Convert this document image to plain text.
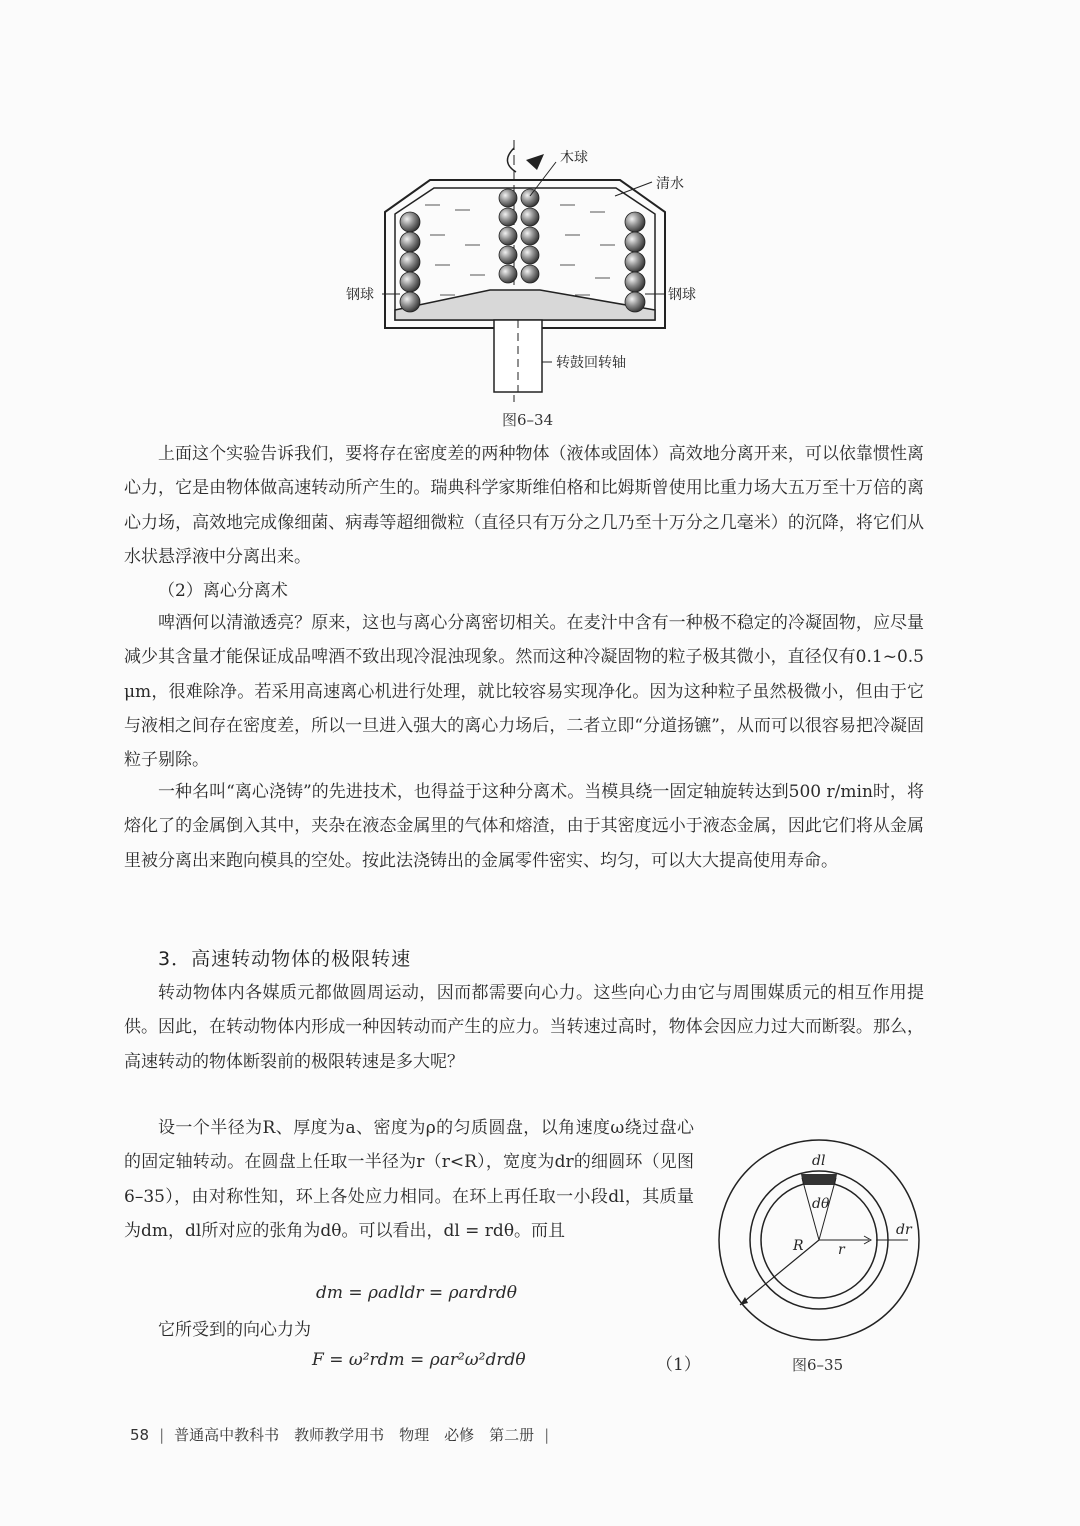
木球
清水
钢球	钢球
转鼓回转轴
图6–34

上面这个实验告诉我们，要将存在密度差的两种物体（液体或固体）高效地分离开来，可以依靠惯性离心力，它是由物体做高速转动所产生的。瑞典科学家斯维伯格和比姆斯曾使用比重力场大五万至十万倍的离心力场，高效地完成像细菌、病毒等超细微粒（直径只有万分之几乃至十万分之几毫米）的沉降，将它们从水状悬浮液中分离出来。

（2）离心分离术

啤酒何以清澈透亮？原来，这也与离心分离密切相关。在麦汁中含有一种极不稳定的冷凝固物，应尽量减少其含量才能保证成品啤酒不致出现冷混浊现象。然而这种冷凝固物的粒子极其微小，直径仅有0.1~0.5 μm，很难除净。若采用高速离心机进行处理，就比较容易实现净化。因为这种粒子虽然极微小，但由于它与液相之间存在密度差，所以一旦进入强大的离心力场后，二者立即“分道扬镳”，从而可以很容易把冷凝固粒子剔除。

一种名叫“离心浇铸”的先进技术，也得益于这种分离术。当模具绕一固定轴旋转达到500 r/min时，将熔化了的金属倒入其中，夹杂在液态金属里的气体和熔渣，由于其密度远小于液态金属，因此它们将从金属里被分离出来跑向模具的空处。按此法浇铸出的金属零件密实、均匀，可以大大提高使用寿命。

3．高速转动物体的极限转速

转动物体内各媒质元都做圆周运动，因而都需要向心力。这些向心力由它与周围媒质元的相互作用提供。因此，在转动物体内形成一种因转动而产生的应力。当转速过高时，物体会因应力过大而断裂。那么，高速转动的物体断裂前的极限转速是多大呢？

设一个半径为R、厚度为a、密度为ρ的匀质圆盘，以角速度ω绕过盘心的固定轴转动。在圆盘上任取一半径为r（r<R），宽度为dr的细圆环（见图6–35），由对称性知，环上各处应力相同。在环上再任取一小段dl，其质量为dm，dl所对应的张角为dθ。可以看出，dl = rdθ。而且

dm = ρadldr = ρardrdθ
它所受到的向心力为
F = ω²rdm = ρar²ω²drdθ	（1）
dl
dθ
dr
R r
图6–35
58 | 普通高中教科书　教师教学用书　物理　必修　第二册 |
